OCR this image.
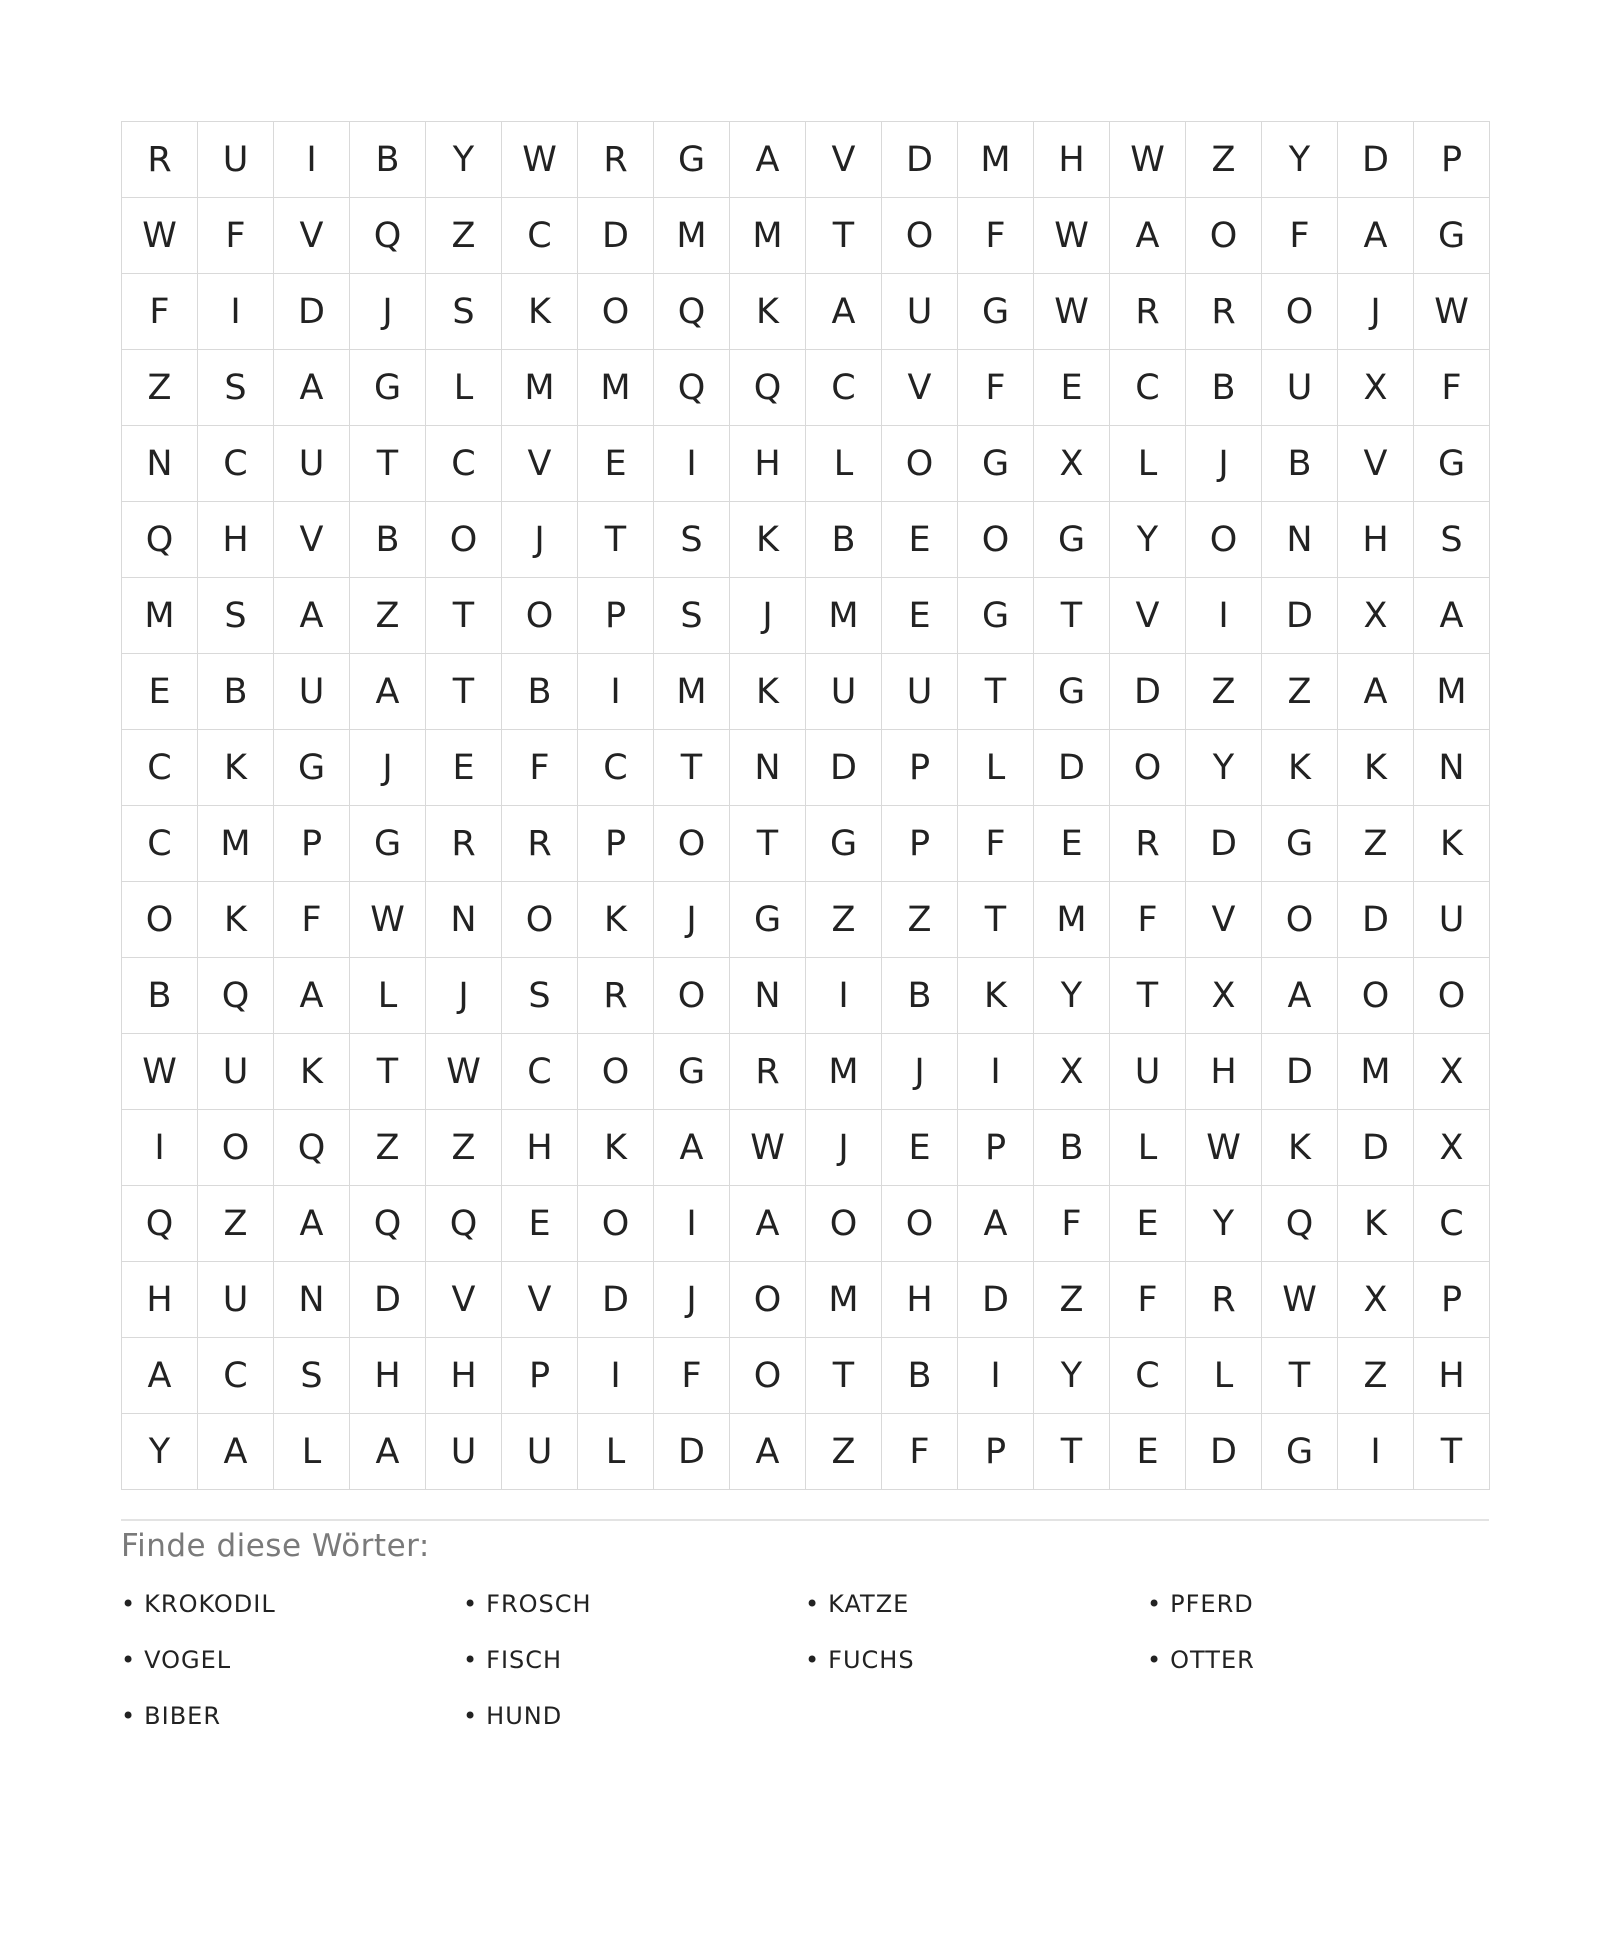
R	U	I	B	Y	W	R	G	A	V	D	M	H	W	Z	Y	D	P
W	F	V	Q	Z	C	D	M	M	T	O	F	W	A	O	F	A	G
F	I	D	J	S	K	O	Q	K	A	U	G	W	R	R	O	J	W
Z	S	A	G	L	M	M	Q	Q	C	V	F	E	C	B	U	X	F
N	C	U	T	C	V	E	I	H	L	O	G	X	L	J	B	V	G
Q	H	V	B	O	J	T	S	K	B	E	O	G	Y	O	N	H	S
M	S	A	Z	T	O	P	S	J	M	E	G	T	V	I	D	X	A
E	B	U	A	T	B	I	M	K	U	U	T	G	D	Z	Z	A	M
C	K	G	J	E	F	C	T	N	D	P	L	D	O	Y	K	K	N
C	M	P	G	R	R	P	O	T	G	P	F	E	R	D	G	Z	K
O	K	F	W	N	O	K	J	G	Z	Z	T	M	F	V	O	D	U
B	Q	A	L	J	S	R	O	N	I	B	K	Y	T	X	A	O	O
W	U	K	T	W	C	O	G	R	M	J	I	X	U	H	D	M	X
I	O	Q	Z	Z	H	K	A	W	J	E	P	B	L	W	K	D	X
Q	Z	A	Q	Q	E	O	I	A	O	O	A	F	E	Y	Q	K	C
H	U	N	D	V	V	D	J	O	M	H	D	Z	F	R	W	X	P
A	C	S	H	H	P	I	F	O	T	B	I	Y	C	L	T	Z	H
Y	A	L	A	U	U	L	D	A	Z	F	P	T	E	D	G	I	T
Finde diese Wörter:
• KROKODIL	• FROSCH	• KATZE	• PFERD
• VOGEL	• FISCH	• FUCHS	• OTTER
• BIBER	• HUND
